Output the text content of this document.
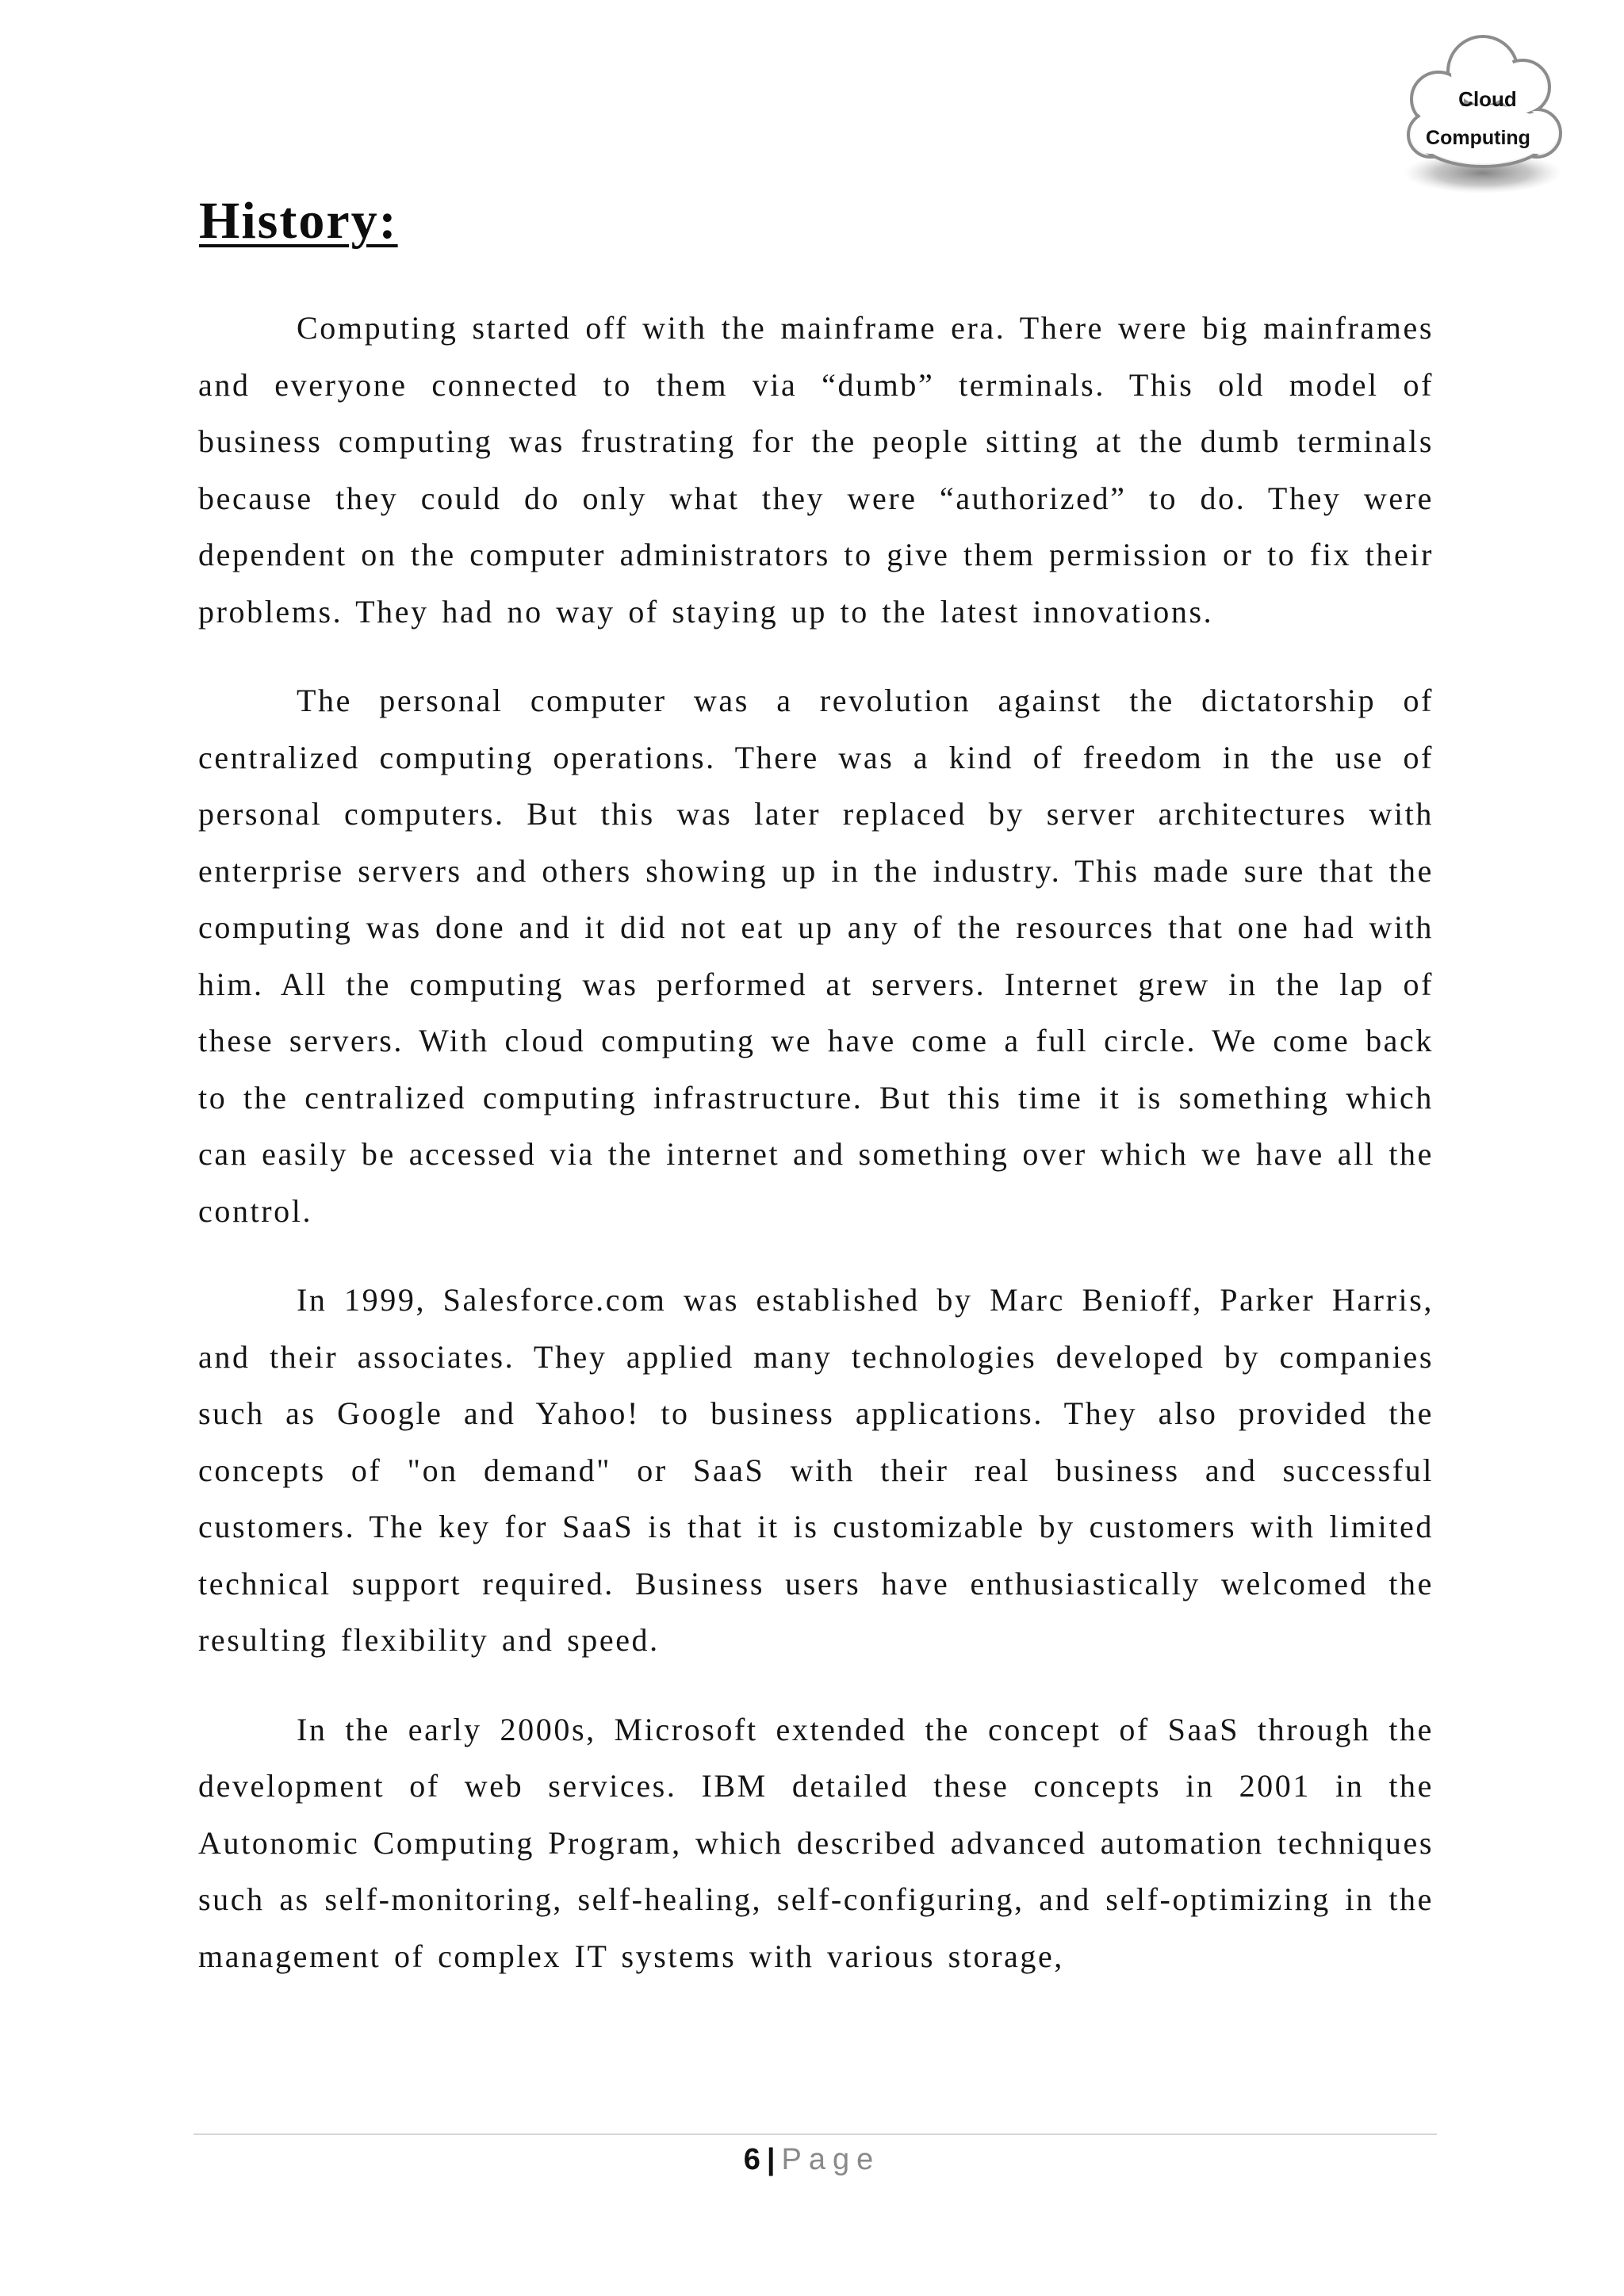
Cloud
Computing
History:

Computing started off with the mainframe era. There were big mainframes and everyone connected to them via “dumb” terminals. This old model of business computing was frustrating for the people sitting at the dumb terminals because they could do only what they were “authorized” to do. They were dependent on the computer administrators to give them permission or to fix their problems. They had no way of staying up to the latest innovations.

The personal computer was a revolution against the dictatorship of centralized computing operations. There was a kind of freedom in the use of personal computers. But this was later replaced by server architectures with enterprise servers and others showing up in the industry. This made sure that the computing was done and it did not eat up any of the resources that one had with him. All the computing was performed at servers. Internet grew in the lap of these servers. With cloud computing we have come a full circle. We come back to the centralized computing infrastructure. But this time it is something which can easily be accessed via the internet and something over which we have all the control.

In 1999, Salesforce.com was established by Marc Benioff, Parker Harris, and their associates. They applied many technologies developed by companies such as Google and Yahoo! to business applications. They also provided the concepts of "on demand" or SaaS with their real business and successful customers. The key for SaaS is that it is customizable by customers with limited technical support required. Business users have enthusiastically welcomed the resulting flexibility and speed.

In the early 2000s, Microsoft extended the concept of SaaS through the development of web services. IBM detailed these concepts in 2001 in the Autonomic Computing Program, which described advanced automation techniques such as self-monitoring, self-healing, self-configuring, and self-optimizing in the management of complex IT systems with various storage,

6 | Page
